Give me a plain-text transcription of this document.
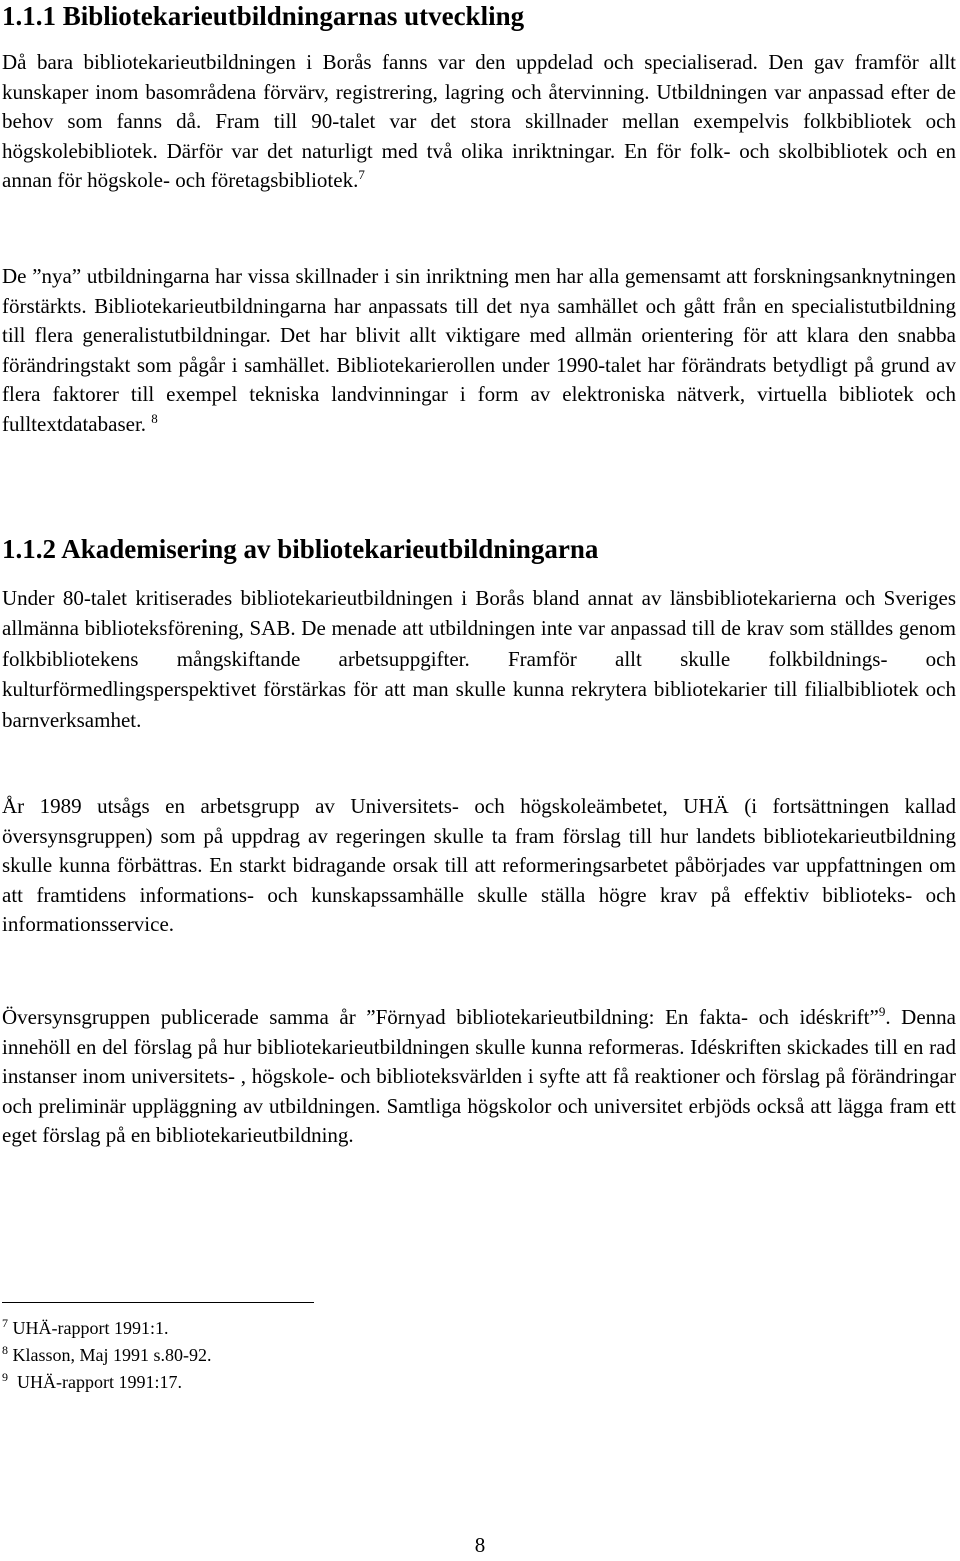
1.1.1 Bibliotekarieutbildningarnas utveckling
Då bara bibliotekarieutbildningen i Borås fanns var den uppdelad och specialiserad. Den gav framför allt kunskaper inom basområdena förvärv, registrering, lagring och återvinning. Utbildningen var anpassad efter de behov som fanns då. Fram till 90-talet var det stora skillnader mellan exempelvis folkbibliotek och högskolebibliotek. Därför var det naturligt med två olika inriktningar. En för folk- och skolbibliotek och en annan för högskole- och företagsbibliotek.$^7$
De ”nya” utbildningarna har vissa skillnader i sin inriktning men har alla gemensamt att forskningsanknytningen förstärkts. Bibliotekarieutbildningarna har anpassats till det nya samhället och gått från en specialistutbildning till flera generalistutbildningar. Det har blivit allt viktigare med allmän orientering för att klara den snabba förändringstakt som pågår i samhället. Bibliotekarierollen under 1990-talet har förändrats betydligt på grund av flera faktorer till exempel tekniska landvinningar i form av elektroniska nätverk, virtuella bibliotek och fulltextdatabaser. $^8$
1.1.2 Akademisering av bibliotekarieutbildningarna
Under 80-talet kritiserades bibliotekarieutbildningen i Borås bland annat av länsbibliotekarierna och Sveriges allmänna biblioteksförening, SAB. De menade att utbildningen inte var anpassad till de krav som ställdes genom folkbibliotekens mångskiftande arbetsuppgifter. Framför allt skulle folkbildnings- och kulturförmedlingsperspektivet förstärkas för att man skulle kunna rekrytera bibliotekarier till filialbibliotek och barnverksamhet.
År 1989 utsågs en arbetsgrupp av Universitets- och högskoleämbetet, UHÄ (i fortsättningen kallad översynsgruppen) som på uppdrag av regeringen skulle ta fram förslag till hur landets bibliotekarieutbildning skulle kunna förbättras. En starkt bidragande orsak till att reformeringsarbetet påbörjades var uppfattningen om att framtidens informations- och kunskapssamhälle skulle ställa högre krav på effektiv biblioteks- och informationsservice.
Översynsgruppen publicerade samma år ”Förnyad bibliotekarieutbildning: En fakta- och idéskrift”$^9$. Denna innehöll en del förslag på hur bibliotekarieutbildningen skulle kunna reformeras. Idéskriften skickades till en rad instanser inom universitets- , högskole- och biblioteksvärlden i syfte att få reaktioner och förslag på förändringar och preliminär uppläggning av utbildningen. Samtliga högskolor och universitet erbjöds också att lägga fram ett eget förslag på en bibliotekarieutbildning.
$^7$ UHÄ-rapport 1991:1.
$^8$ Klasson, Maj 1991 s.80-92.
$^9$ UHÄ-rapport 1991:17.
8
